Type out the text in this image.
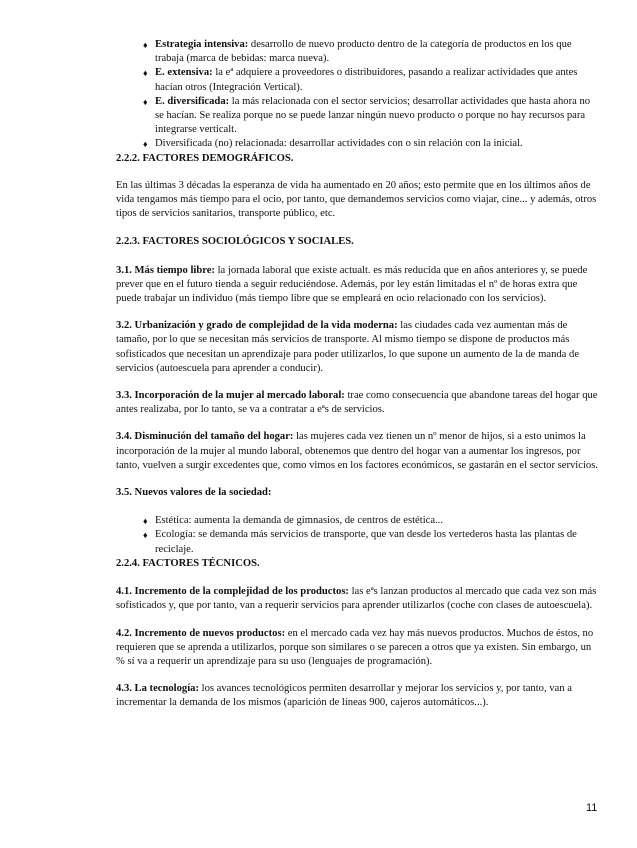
♦ Estrategia intensiva: desarrollo de nuevo producto dentro de la categoría de productos en los que trabaja (marca de bebidas: marca nueva).
♦ E. extensiva: la eª adquiere a proveedores o distribuidores, pasando a realizar actividades que antes hacían otros (Integración Vertical).
♦ E. diversificada: la más relacionada con el sector servicios; desarrollar actividades que hasta ahora no se hacían. Se realiza porque no se puede lanzar ningún nuevo producto o porque no hay recursos para integrarse verticalt.
♦ Diversificada (no) relacionada: desarrollar actividades con o sin relación con la inicial.

2.2.2. FACTORES DEMOGRÁFICOS.

En las últimas 3 décadas la esperanza de vida ha aumentado en 20 años; esto permite que en los últimos años de vida tengamos más tiempo para el ocio, por tanto, que demandemos servicios como viajar, cine... y además, otros tipos de servicios sanitarios, transporte público, etc.

2.2.3. FACTORES SOCIOLÓGICOS Y SOCIALES.

3.1. Más tiempo libre: la jornada laboral que existe actualt. es más reducida que en años anteriores y, se puede prever que en el futuro tienda a seguir reduciéndose. Además, por ley están limitadas el nº de horas extra que puede trabajar un individuo (más tiempo libre que se empleará en ocio relacionado con los servicios).

3.2. Urbanización y grado de complejidad de la vida moderna: las ciudades cada vez aumentan más de tamaño, por lo que se necesitan más servicios de transporte. Al mismo tiempo se dispone de productos más sofisticados que necesitan un aprendizaje para poder utilizarlos, lo que supone un aumento de la de manda de servicios (autoescuela para aprender a conducir).

3.3. Incorporación de la mujer al mercado laboral: trae como consecuencia que abandone tareas del hogar que antes realizaba, por lo tanto, se va a contratar a eªs de servicios.

3.4. Disminución del tamaño del hogar: las mujeres cada vez tienen un nº menor de hijos, si a esto unimos la incorporación de la mujer al mundo laboral, obtenemos que dentro del hogar van a aumentar los ingresos, por tanto, vuelven a surgir excedentes que, como vimos en los factores económicos, se gastarán en el sector servicios.

3.5. Nuevos valores de la sociedad:

♦ Estética: aumenta la demanda de gimnasios, de centros de estética...
♦ Ecología: se demanda más servicios de transporte, que van desde los vertederos hasta las plantas de reciclaje.

2.2.4. FACTORES TÉCNICOS.

4.1. Incremento de la complejidad de los productos: las eªs lanzan productos al mercado que cada vez son más sofisticados y, que por tanto, van a requerir servicios para aprender utilizarlos (coche con clases de autoescuela).

4.2. Incremento de nuevos productos: en el mercado cada vez hay más nuevos productos. Muchos de éstos, no requieren que se aprenda a utilizarlos, porque son similares o se parecen a otros que ya existen. Sin embargo, un % sí va a requerir un aprendizaje para su uso (lenguajes de programación).

4.3. La tecnología: los avances tecnológicos permiten desarrollar y mejorar los servicios y, por tanto, van a incrementar la demanda de los mismos (aparición de líneas 900, cajeros automáticos...).

11
